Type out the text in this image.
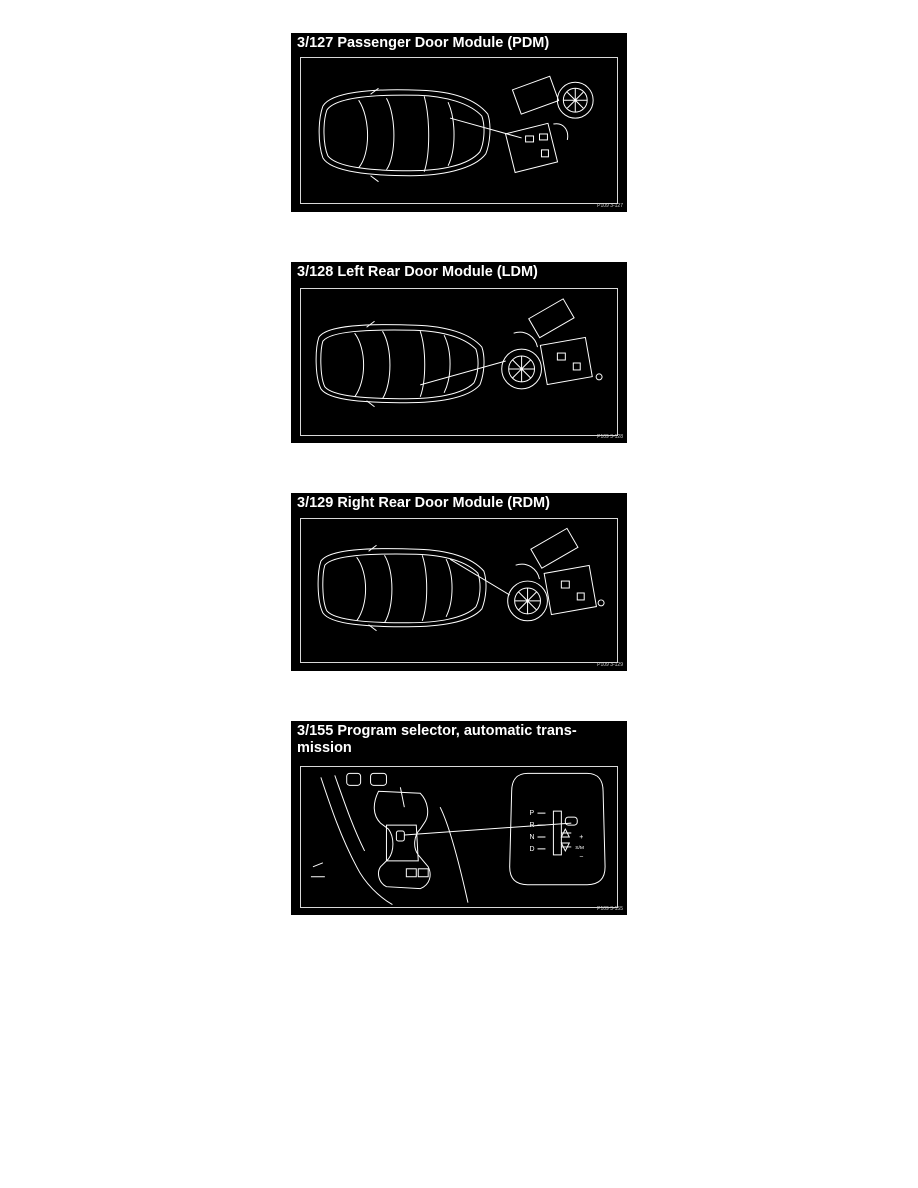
3/127 Passenger Door Module (PDM)
P109 3-127
3/128 Left Rear Door Module (LDM)
P109 3-128
3/129 Right Rear Door Module (RDM)
P109 3-129
3/155 Program selector, automatic trans-
mission
P
R
N
D
+
−
S/M
P109 3-155
